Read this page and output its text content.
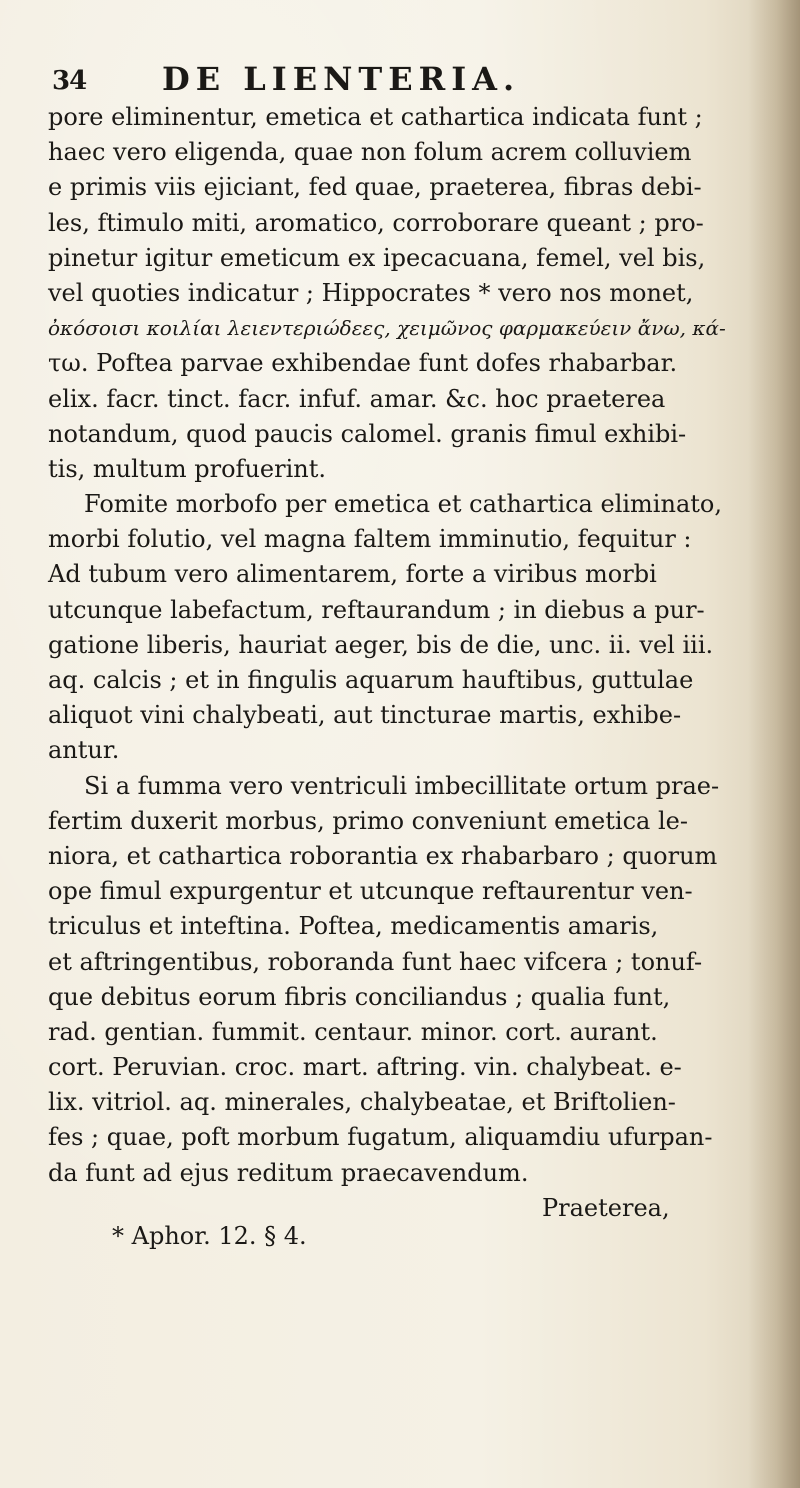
34 DE LIENTERIA.
pore eliminentur, emetica et cathartica indicata funt ;
haec vero eligenda, quae non folum acrem colluviem
e primis viis ejiciant, fed quae, praeterea, fibras debi-
les, ftimulo miti, aromatico, corroborare queant ; pro-
pinetur igitur emeticum ex ipecacuana, femel, vel bis,
vel quoties indicatur ; Hippocrates * vero nos monet,
ὀκόσοισι κοιλίαι λειεντεριώδεες, χειμῶνος φαρμακεύειν ἄνω, κά-
τω. Poftea parvae exhibendae funt dofes rhabarbar.
elix. facr. tinct. facr. infuf. amar. &c. hoc praeterea
notandum, quod paucis calomel. granis fimul exhibi-
tis, multum profuerint.
Fomite morbofo per emetica et cathartica eliminato,
morbi folutio, vel magna faltem imminutio, fequitur :
Ad tubum vero alimentarem, forte a viribus morbi
utcunque labefactum, reftaurandum ; in diebus a pur-
gatione liberis, hauriat aeger, bis de die, unc. ii. vel iii.
aq. calcis ; et in fingulis aquarum hauftibus, guttulae
aliquot vini chalybeati, aut tincturae martis, exhibe-
antur.
Si a fumma vero ventriculi imbecillitate ortum prae-
fertim duxerit morbus, primo conveniunt emetica le-
niora, et cathartica roborantia ex rhabarbaro ; quorum
ope fimul expurgentur et utcunque reftaurentur ven-
triculus et inteftina. Poftea, medicamentis amaris,
et aftringentibus, roboranda funt haec vifcera ; tonuf-
que debitus eorum fibris conciliandus ; qualia funt,
rad. gentian. fummit. centaur. minor. cort. aurant.
cort. Peruvian. croc. mart. aftring. vin. chalybeat. e-
lix. vitriol. aq. minerales, chalybeatae, et Briftolien-
fes ; quae, poft morbum fugatum, aliquamdiu ufurpan-
da funt ad ejus reditum praecavendum.
Praeterea,
* Aphor. 12. § 4.
